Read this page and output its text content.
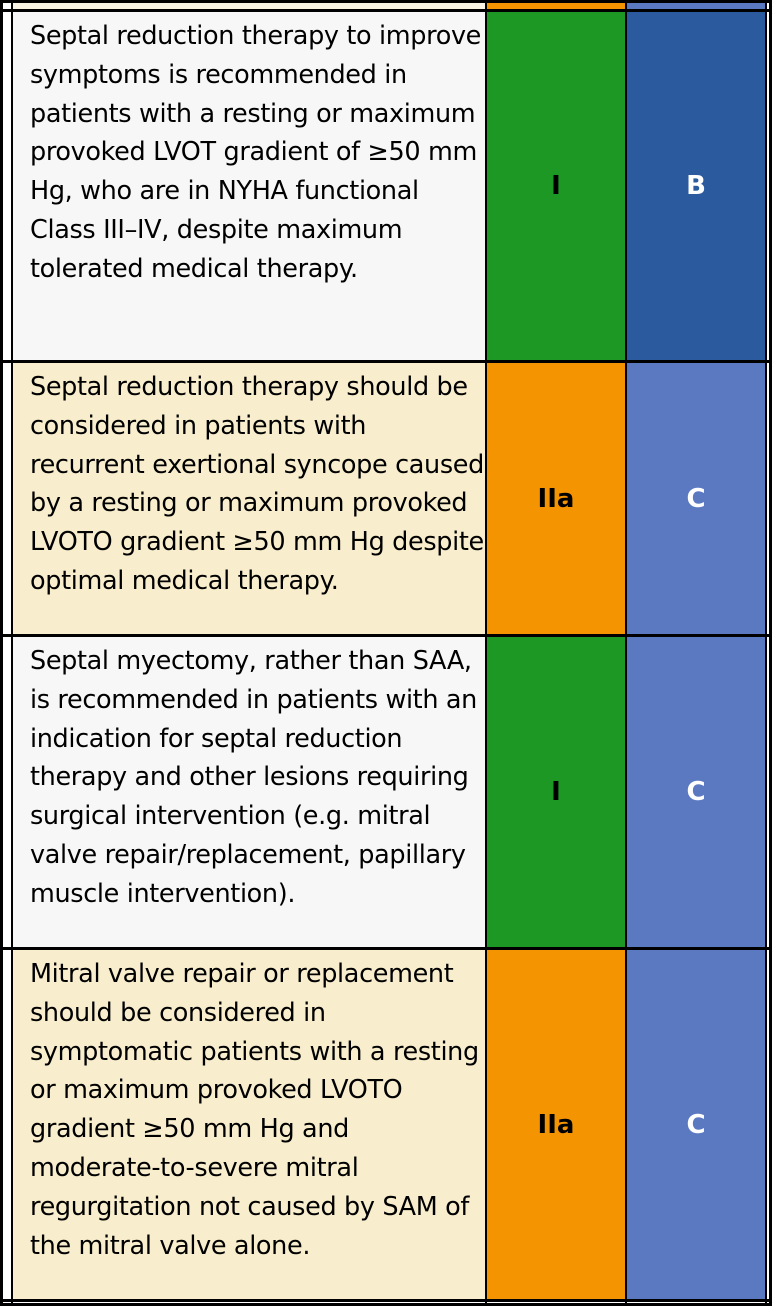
Septal reduction therapy to improve symptoms is recommended in patients with a resting or maximum provoked LVOT gradient of ≥50 mm Hg, who are in NYHA functional Class III–IV, despite maximum tolerated medical therapy.
I	B
Septal reduction therapy should be considered in patients with recurrent exertional syncope caused by a resting or maximum provoked LVOTO gradient ≥50 mm Hg despite optimal medical therapy.
IIa	C
Septal myectomy, rather than SAA, is recommended in patients with an indication for septal reduction therapy and other lesions requiring surgical intervention (e.g. mitral valve repair/replacement, papillary muscle intervention).
I	C
Mitral valve repair or replacement should be considered in symptomatic patients with a resting or maximum provoked LVOTO gradient ≥50 mm Hg and moderate-to-severe mitral regurgitation not caused by SAM of the mitral valve alone.
IIa	C
